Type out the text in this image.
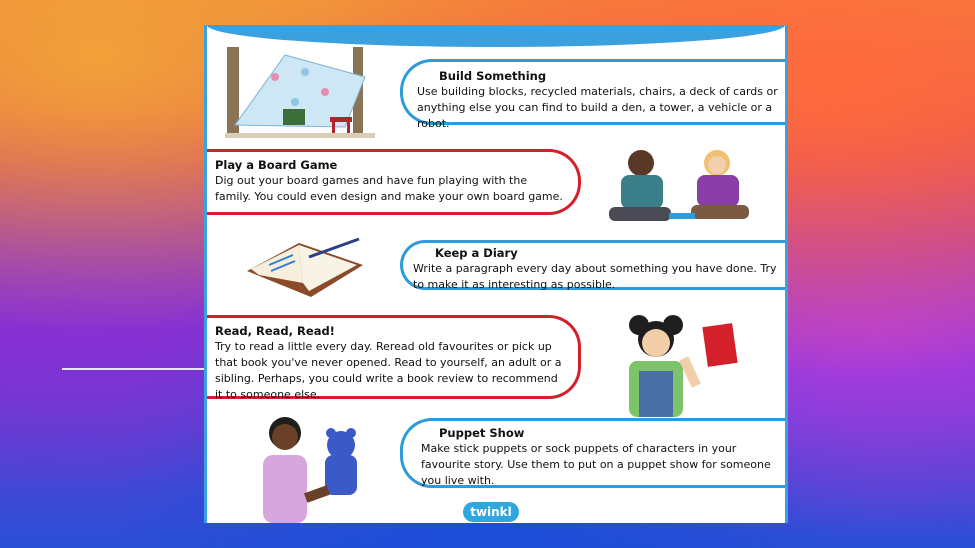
Build Something
Use building blocks, recycled materials, chairs, a deck of cards or anything else you can find to build a den, a tower, a vehicle or a robot.
Play a Board Game
Dig out your board games and have fun playing with the family. You could even design and make your own board game.
Keep a Diary
Write a paragraph every day about something you have done. Try to make it as interesting as possible.
Read, Read, Read!
Try to read a little every day. Reread old favourites or pick up that book you've never opened. Read to yourself, an adult or a sibling. Perhaps, you could write a book review to recommend it to someone else.
Puppet Show
Make stick puppets or sock puppets of characters in your favourite story. Use them to put on a puppet show for someone you live with.
twinkl
